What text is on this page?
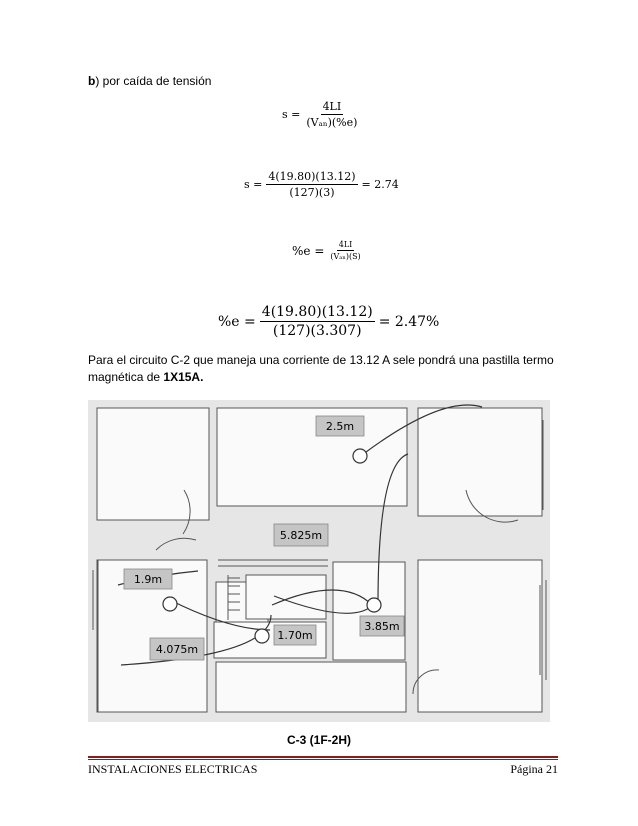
b) por caída de tensión
$s = \frac{4LI}{\text{(Vₐₙ)(\%e)}}$
$s = \frac{4(19.80)(13.12)}{(127)(3)} = 2.74$
$\%e = \frac{4LI}{\text{(Vₐₙ)(S)}}$
$\%e = \frac{4(19.80)(13.12)}{(127)(3.307)} = 2.47\%$
Para el circuito C-2 que maneja una corriente de 13.12 A sele pondrá una pastilla termo magnética de 1X15A.
2.5m
5.825m
1.9m
3.85m
1.70m
4.075m
C-3 (1F-2H)
INSTALACIONES ELECTRICAS	Página 21
